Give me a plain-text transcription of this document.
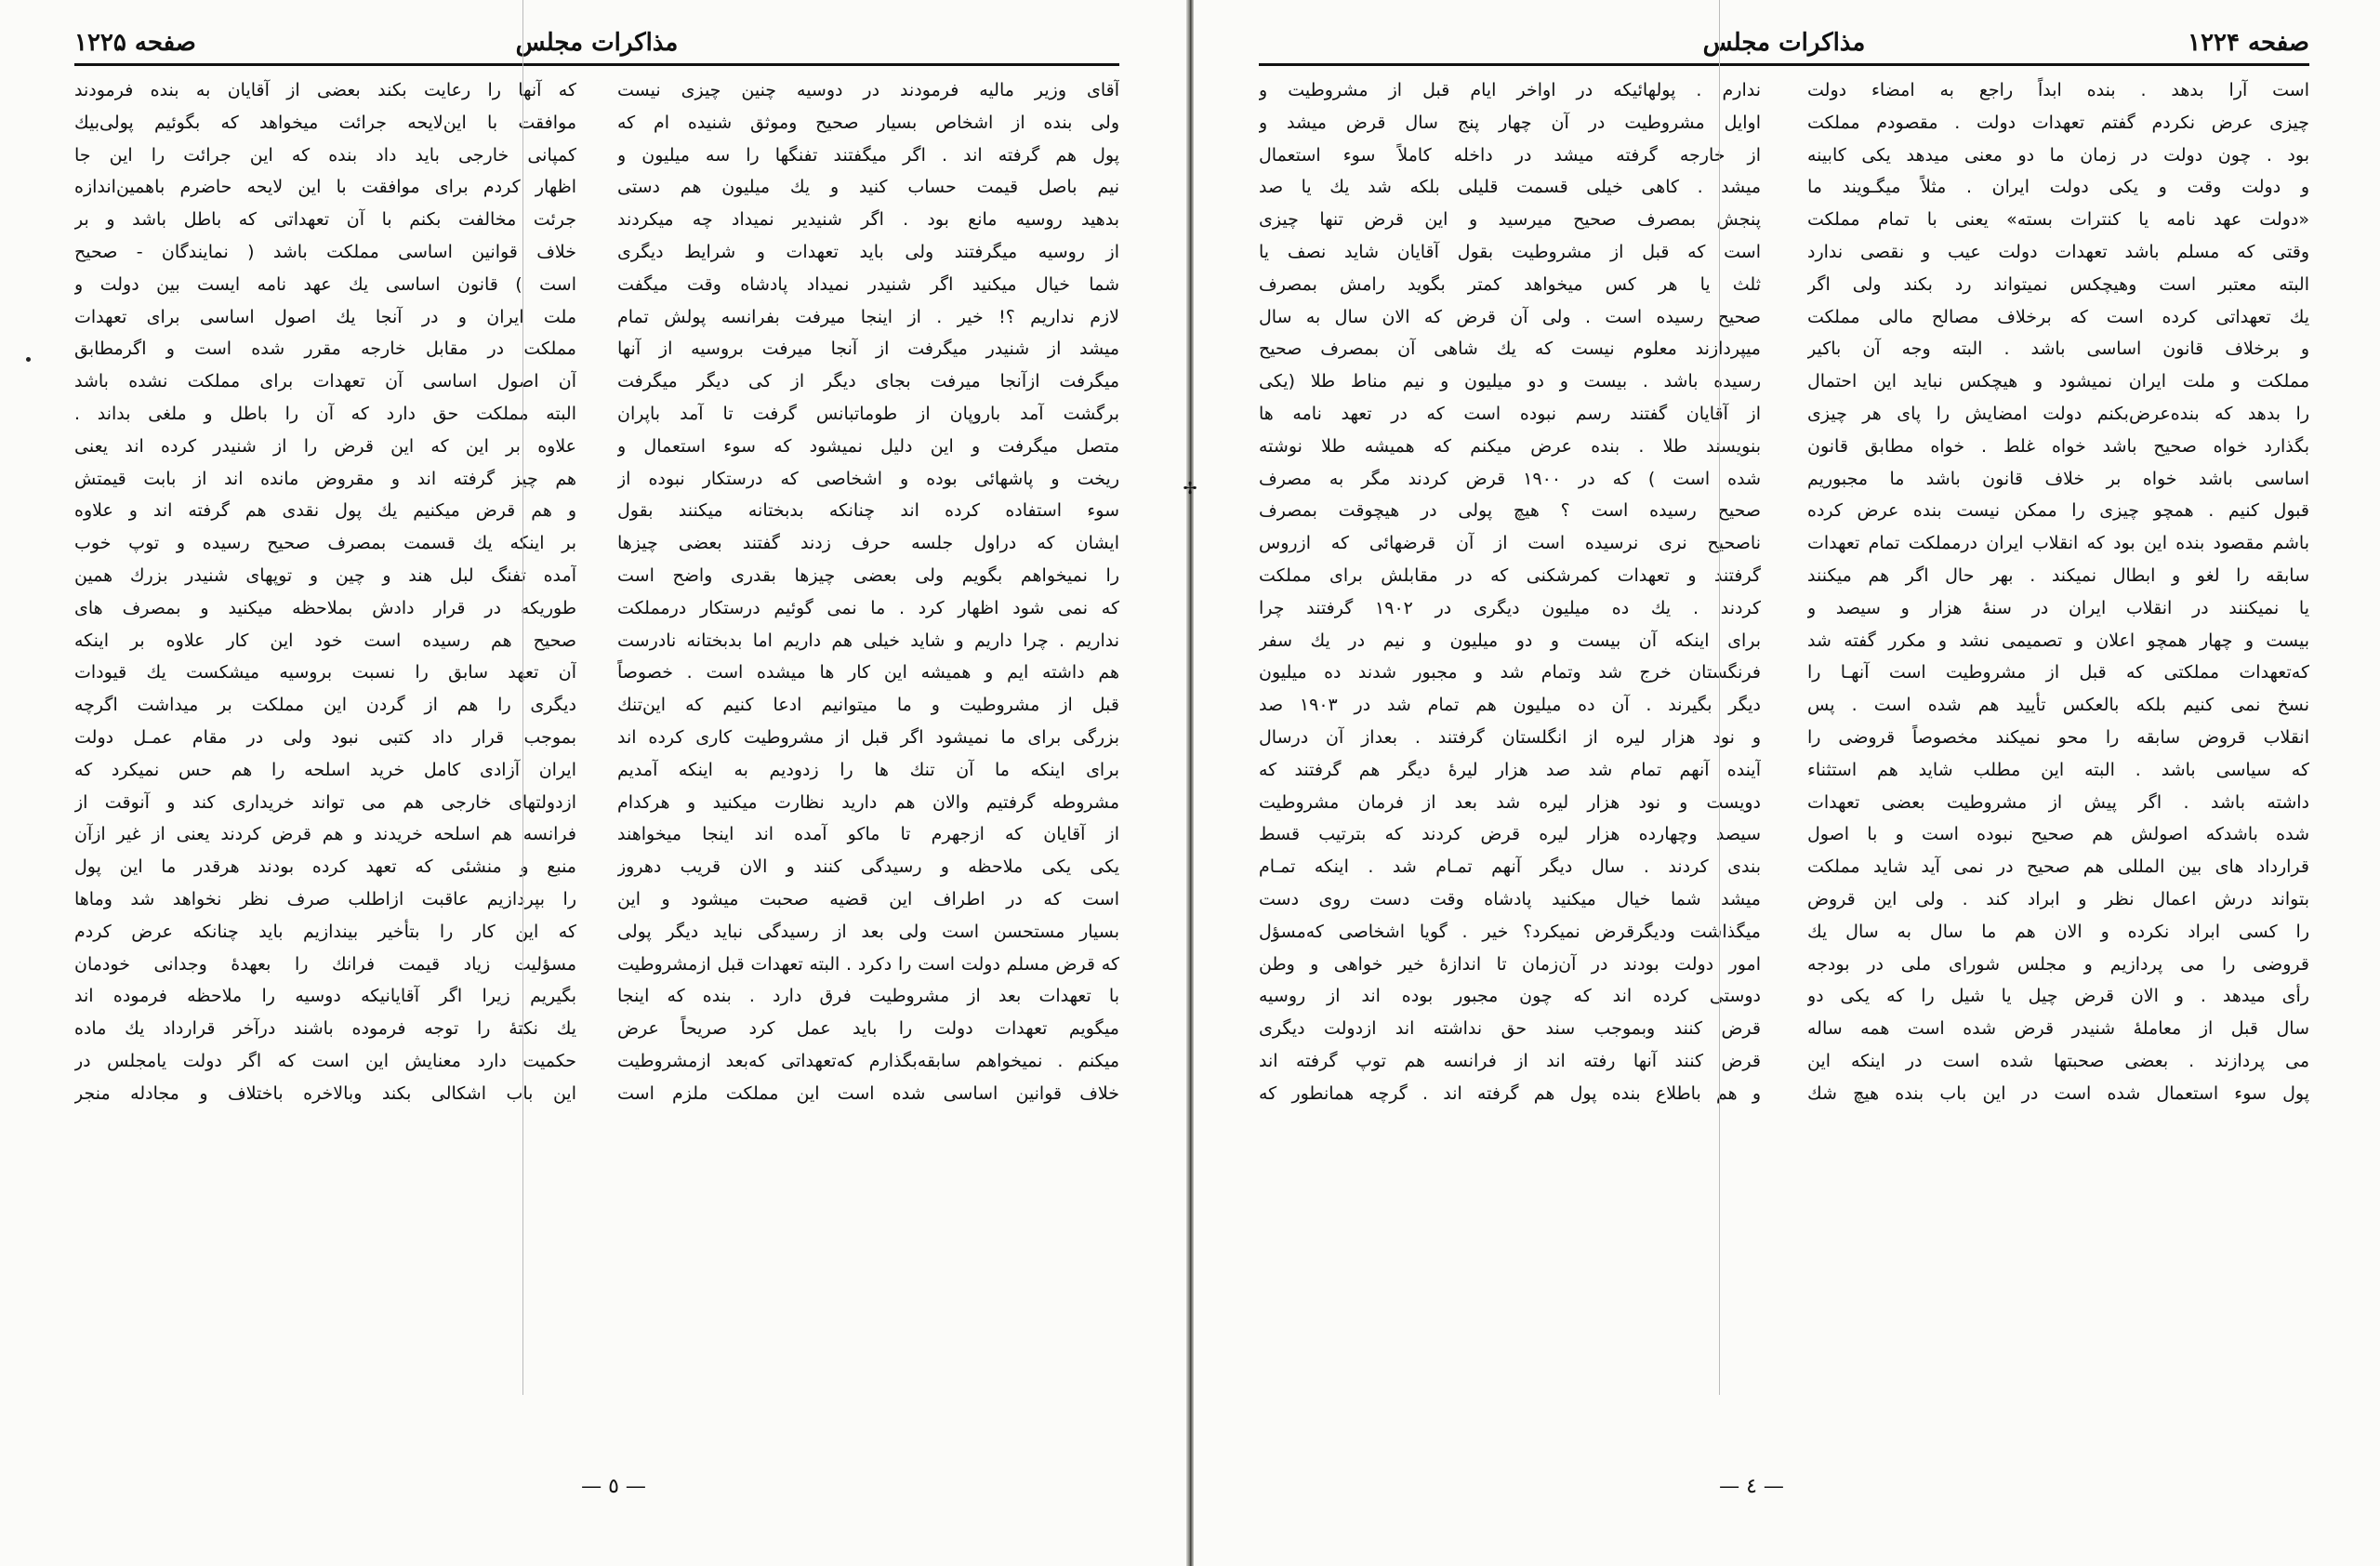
✢
مذاکرات مجلس
صفحه ۱۲۲۵

آقای وزیر مالیه فرمودند در دوسیه چنین چیزی نیست
ولی بنده از اشخاص بسیار صحیح وموثق شنیده ام که
پول هم گرفته اند . اگر میگفتند تفنگها را سه میلیون و
نیم باصل قیمت حساب کنید و یك میلیون هم دستی
بدهید روسیه مانع بود . اگر شنیدیر نمیداد چه میکردند
از روسیه میگرفتند ولی باید تعهدات و شرایط دیگری
شما خیال میکنید اگر شنیدر نمیداد پادشاه وقت میگفت
لازم نداریم ؟! خیر . از اینجا میرفت بفرانسه پولش تمام
میشد از شنیدر میگرفت از آنجا میرفت بروسیه از آنها
میگرفت ازآنجا میرفت بجای دیگر از کی دیگر میگرفت
برگشت آمد باروپان از طوماتبانس گرفت تا آمد باپران
متصل میگرفت و این دلیل نمیشود که سوء استعمال و
ریخت و پاشهائی بوده و اشخاصی که درستکار نبوده از
سوء استفاده کرده اند چنانکه بدبختانه میکنند بقول
ایشان که دراول جلسه حرف زدند گفتند بعضی چیزها
را نمیخواهم بگویم ولی بعضی چیزها بقدری واضح است
که نمی شود اظهار کرد . ما نمی گوئیم درستکار درمملکت
نداریم . چرا داریم و شاید خیلی هم داریم اما بدبختانه نادرست
هم داشته ایم و همیشه این کار ها میشده است . خصوصاً
قبل از مشروطیت و ما میتوانیم ادعا کنیم که این‌تنك
بزرگی برای ما نمیشود اگر قبل از مشروطیت کاری کرده اند
برای اینکه ما آن تنك ها را زدودیم به اینکه آمدیم
مشروطه گرفتیم والان هم دارید نظارت میکنید و هرکدام
از آقایان که ازجهرم تا ماکو آمده اند اینجا میخواهند
یکی یکی ملاحظه و رسیدگی کنند و الان قریب دهروز
است که در اطراف این قضیه صحبت میشود و این
بسیار مستحسن است ولی بعد از رسیدگی نباید دیگر پولی
که قرض مسلم دولت است را دکرد . البته تعهدات قبل ازمشروطیت
با تعهدات بعد از مشروطیت فرق دارد . بنده که اینجا
میگویم تعهدات دولت را باید عمل کرد صریحاً عرض
میکنم . نمیخواهم سابقه‌بگذارم که‌تعهداتی که‌بعد ازمشروطیت
خلاف قوانین اساسی شده است این مملکت ملزم است

که آنها را رعایت بکند بعضی از آقایان به بنده فرمودند
موافقت با این‌لایحه جرائت میخواهد که بگوئیم پولی‌بیك
کمپانی خارجی باید داد بنده که این جرائت را این جا
اظهار کردم برای موافقت با این لایحه حاضرم باهمین‌اندازه
جرئت مخالفت بکنم با آن تعهداتی که باطل باشد و بر
خلاف قوانین اساسی مملکت باشد ( نمایندگان - صحیح
است ) قانون اساسی یك عهد نامه ایست بین دولت و
ملت ایران و در آنجا یك اصول اساسی برای تعهدات
مملکت در مقابل خارجه مقرر شده است و اگرمطابق
آن اصول اساسی آن تعهدات برای مملکت نشده باشد
البته مملکت حق دارد که آن را باطل و ملغی بداند .
علاوه بر این که این قرض را از شنیدر کرده اند یعنی
هم چیز گرفته اند و مقروض مانده اند از بابت قیمتش
و هم قرض میکنیم یك پول نقدی هم گرفته اند و علاوه
بر اینکه یك قسمت بمصرف صحیح رسیده و توپ خوب
آمده تفنگ لبل هند و چین و توپهای شنیدر بزرك همین
طوریکه در قرار دادش بملاحظه میکنید و بمصرف های
صحیح هم رسیده است خود این کار علاوه بر اینکه
آن تعهد سابق را نسبت بروسیه میشکست یك قیودات
دیگری را هم از گردن این مملکت بر میداشت اگرچه
بموجب قرار داد کتبی نبود ولی در مقام عمـل دولت
ایران آزادی کامل خرید اسلحه را هم حس نمیکرد که
ازدولتهای خارجی هم می تواند خریداری کند و آنوقت از
فرانسه هم اسلحه خریدند و هم قرض کردند یعنی از غیر ازآن
منبع و منشئی که تعهد کرده بودند هرقدر ما این پول
را بپردازیم عاقبت ازاطلب صرف نظر نخواهد شد وماها
که این کار را بتأخیر بیندازیم باید چنانکه عرض کردم
مسؤلیت زیاد قیمت فرانك را بعهدهٔ وجدانی خودمان
بگیریم زیرا اگر آقایانیکه دوسیه را ملاحظه فرموده اند
یك نکتهٔ را توجه فرموده باشند درآخر قرارداد یك ماده
حکمیت دارد معنایش این است که اگر دولت یامجلس در
این باب اشکالی بکند وبالاخره باختلاف و مجادله منجر

— ٥ —
مذاکرات مجلس	صفحه ۱۲۲۴

است آرا بدهد . بنده ابداً راجع به امضاء دولت
چیزی عرض نکردم گفتم تعهدات دولت . مقصودم مملکت
بود . چون دولت در زمان ما دو معنی میدهد یکی کابینه
و دولت وقت و یکی دولت ایران . مثلاً میگـویند ما
«دولت عهد نامه یا کنترات بسته» یعنی با تمام مملکت
وقتی که مسلم باشد تعهدات دولت عیب و نقصی ندارد
البته معتبر است وهیچکس نمیتواند رد بکند ولی اگر
یك تعهداتی کرده است که برخلاف مصالح مالی مملکت
و برخلاف قانون اساسی باشد . البته وجه آن باکیر
مملکت و ملت ایران نمیشود و هیچکس نباید این احتمال
را بدهد که بنده‌عرض‌بکنم دولت امضایش را پای هر چیزی
بگذارد خواه صحیح باشد خواه غلط . خواه مطابق قانون
اساسی باشد خواه بر خلاف قانون باشد ما مجبوریم
قبول کنیم . همچو چیزی را ممکن نیست بنده عرض کرده
باشم مقصود بنده این بود که انقلاب ایران درمملکت تمام تعهدات
سابقه را لغو و ابطال نمیکند . بهر حال اگر هم میکنند
یا نمیکنند در انقلاب ایران در سنهٔ هزار و سیصد و
بیست و چهار همچو اعلان و تصمیمی نشد و مکرر گفته شد
که‌تعهدات مملکتی که قبل از مشروطیت است آنهـا را
نسخ نمی کنیم بلکه بالعکس تأیید هم شده است . پس
انقلاب قروض سابقه را محو نمیکند مخصوصاً قروضی را
که سیاسی باشد . البته این مطلب شاید هم استثناء
داشته باشد . اگر پیش از مشروطیت بعضی تعهدات
شده باشد‌که اصولش هم صحیح نبوده است و با اصول
قرارداد های بین المللی هم صحیح در نمی آید شاید مملکت
بتواند درش اعمال نظر و ابراد کند . ولی این قروض
را کسی ابراد نکرده و الان هم ما سال به سال یك
قروضی را می پردازیم و مجلس شورای ملی در بودجه
رأی میدهد . و الان قرض چیل یا شیل را که یکی دو
سال قبل از معاملهٔ شنیدر قرض شده است همه ساله
می پردازند . بعضی صحبتها شده است در اینکه این
پول سوء استعمال شده است در این باب بنده هیچ شك

ندارم . پولهائیکه در اواخر ایام قبل از مشروطیت و
اوایل مشروطیت در آن چهار پنج سال قرض میشد و
از خارجه گرفته میشد در داخله کاملاً سوء استعمال
میشد . کاهی خیلی قسمت قلیلی بلکه شد یك یا صد
پنجش بمصرف صحیح میرسید و این قرض تنها چیزی
است که قبل از مشروطیت بقول آقایان شاید نصف یا
ثلث یا هر کس میخواهد کمتر بگوید رامش بمصرف
صحیح رسیده است . ولی آن قرض که الان سال به سال
میپردازند معلوم نیست که یك شاهی آن بمصرف صحیح
رسیده باشد . بیست و دو میلیون و نیم مناط طلا (یکی
از آقایان گفتند رسم نبوده است که در تعهد نامه ها
بنویسند طلا . بنده عرض میکنم که همیشه طلا نوشته
شده است ) که در ۱۹۰۰ قرض کردند مگر به مصرف
صحیح رسیده است ؟ هیچ پولی در هیچوقت بمصرف
ناصحیح نری نرسیده است از آن قرضهائی که ازروس
گرفتند و تعهدات کمرشکنی که در مقابلش برای مملکت
کردند . یك ده میلیون دیگری در ۱۹۰۲ گرفتند چرا
برای اینکه آن بیست و دو میلیون و نیم در یك سفر
فرنگستان خرج شد وتمام شد و مجبور شدند ده میلیون
دیگر بگیرند . آن ده میلیون هم تمام شد در ۱۹۰۳ صد
و نود هزار لیره از انگلستان گرفتند . بعداز آن درسال
آینده آنهم تمام شد صد هزار لیرهٔ دیگر هم گرفتند که
دویست و نود هزار لیره شد بعد از فرمان مشروطیت
سیصد وچهارده هزار لیره قرض کردند که بترتیب قسط
بندی کردند . سال دیگر آنهم تمـام شد . اینکه تمـام
میشد شما خیال میکنید پادشاه وقت دست روی دست
میگذاشت ودیگرقرض نمیکرد؟ خیر . گویا اشخاصی که‌مسؤل
امور دولت بودند در آن‌زمان تا اندازهٔ خیر خواهی و وطن
دوستی کرده اند که چون مجبور بوده اند از روسیه
قرض کنند وبموجب سند حق نداشته اند ازدولت دیگری
قرض کنند آنها رفته اند از فرانسه هم توپ گرفته اند
و هم باطلاع بنده پول هم گرفته اند . گرچه همانطور که

— ٤ —
